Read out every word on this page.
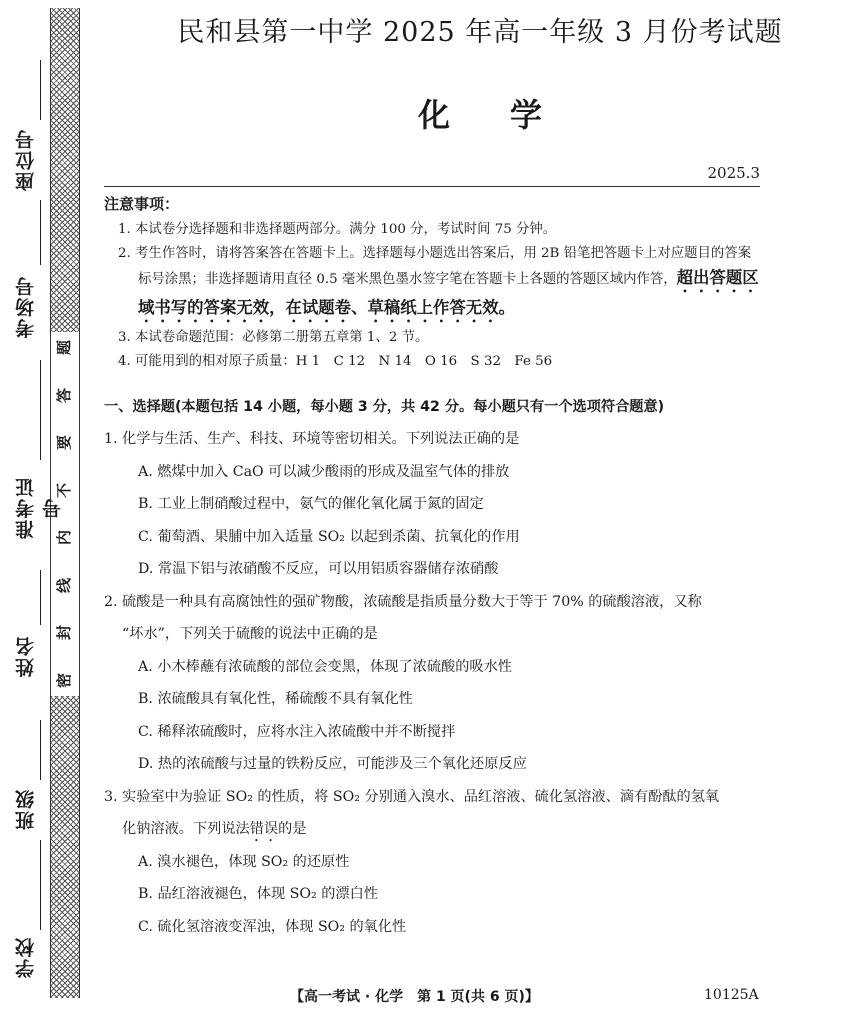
题
答
要
不
内
线
封
密
座位号
考场号
准考证号
姓名
班级
学校
民和县第一中学 2025 年高一年级 3 月份考试题
化学
2025.3
注意事项：
1. 本试卷分选择题和非选择题两部分。满分 100 分，考试时间 75 分钟。
2. 考生作答时，请将答案答在答题卡上。选择题每小题选出答案后，用 2B 铅笔把答题卡上对应题目的答案标号涂黑；非选择题请用直径 0.5 毫米黑色墨水签字笔在答题卡上各题的答题区域内作答，超出答题区域书写的答案无效，在试题卷、草稿纸上作答无效。
3. 本试卷命题范围：必修第二册第五章第 1、2 节。
4. 可能用到的相对原子质量：H 1　C 12　N 14　O 16　S 32　Fe 56
一、选择题(本题包括 14 小题，每小题 3 分，共 42 分。每小题只有一个选项符合题意)
1. 化学与生活、生产、科技、环境等密切相关。下列说法正确的是
A. 燃煤中加入 CaO 可以减少酸雨的形成及温室气体的排放
B. 工业上制硝酸过程中，氨气的催化氧化属于氮的固定
C. 葡萄酒、果脯中加入适量 SO₂ 以起到杀菌、抗氧化的作用
D. 常温下铝与浓硝酸不反应，可以用铝质容器储存浓硝酸
2. 硫酸是一种具有高腐蚀性的强矿物酸，浓硫酸是指质量分数大于等于 70% 的硫酸溶液，又称
“坏水”，下列关于硫酸的说法中正确的是
A. 小木棒蘸有浓硫酸的部位会变黑，体现了浓硫酸的吸水性
B. 浓硫酸具有氧化性，稀硫酸不具有氧化性
C. 稀释浓硫酸时，应将水注入浓硫酸中并不断搅拌
D. 热的浓硫酸与过量的铁粉反应，可能涉及三个氧化还原反应
3. 实验室中为验证 SO₂ 的性质，将 SO₂ 分别通入溴水、品红溶液、硫化氢溶液、滴有酚酞的氢氧
化钠溶液。下列说法错误的是
A. 溴水褪色，体现 SO₂ 的还原性
B. 品红溶液褪色，体现 SO₂ 的漂白性
C. 硫化氢溶液变浑浊，体现 SO₂ 的氧化性
【高一考试 · 化学　第 1 页(共 6 页)】	10125A
